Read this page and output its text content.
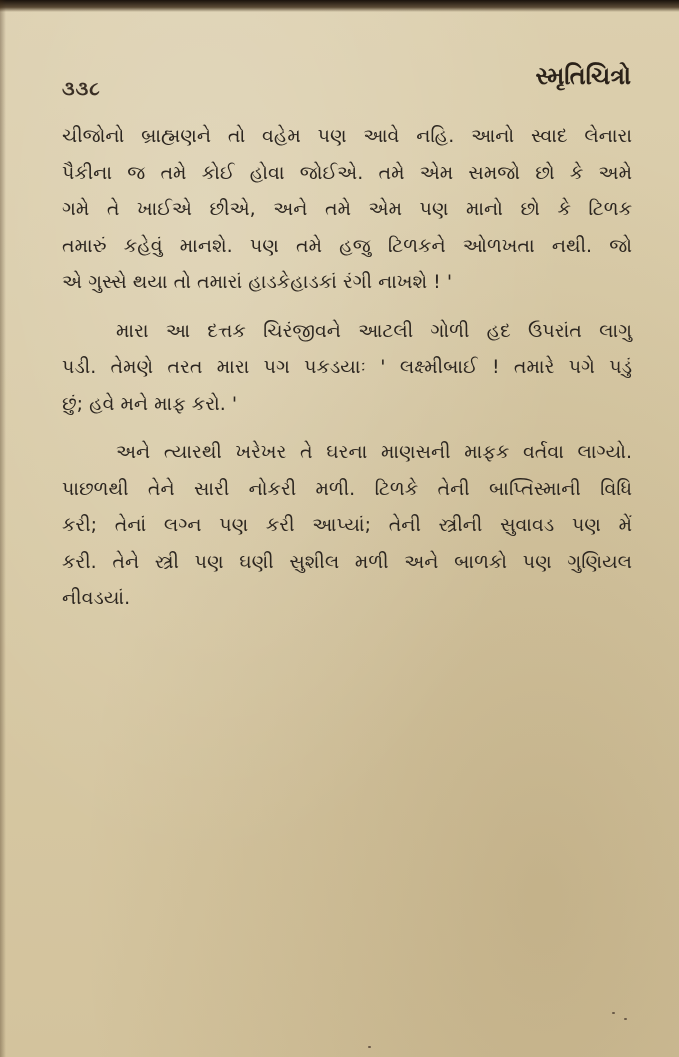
૩૩૮	સ્મૃતિચિત્રો
ચીજોનો બ્રાહ્મણને તો વહેમ પણ આવે નહિ. આનો સ્વાદ લેનારા
પૈકીના જ તમે કોઈ હોવા જોઈએ. તમે એમ સમજો છો કે અમે
ગમે તે ખાઈએ છીએ, અને તમે એમ પણ માનો છો કે ટિળક
તમારું કહેવું માનશે. પણ તમે હજુ ટિળકને ઓળખતા નથી. જો
એ ગુસ્સે થયા તો તમારાં હાડકેહાડકાં રંગી નાખશે ! '
મારા આ દત્તક ચિરંજીવને આટલી ગોળી હદ ઉપરાંત લાગુ
પડી. તેમણે તરત મારા પગ પકડયાઃ ' લક્ષ્મીબાઈ ! તમારે પગે પડું
છું; હવે મને માફ કરો. '
અને ત્યારથી ખરેખર તે ઘરના માણસની માફક વર્તવા લાગ્યો.
પાછળથી તેને સારી નોકરી મળી. ટિળકે તેની બાપ્તિસ્માની વિધિ
કરી; તેનાં લગ્ન પણ કરી આપ્યાં; તેની સ્ત્રીની સુવાવડ પણ મેં
કરી. તેને સ્ત્રી પણ ઘણી સુશીલ મળી અને બાળકો પણ ગુણિયલ
નીવડયાં.
